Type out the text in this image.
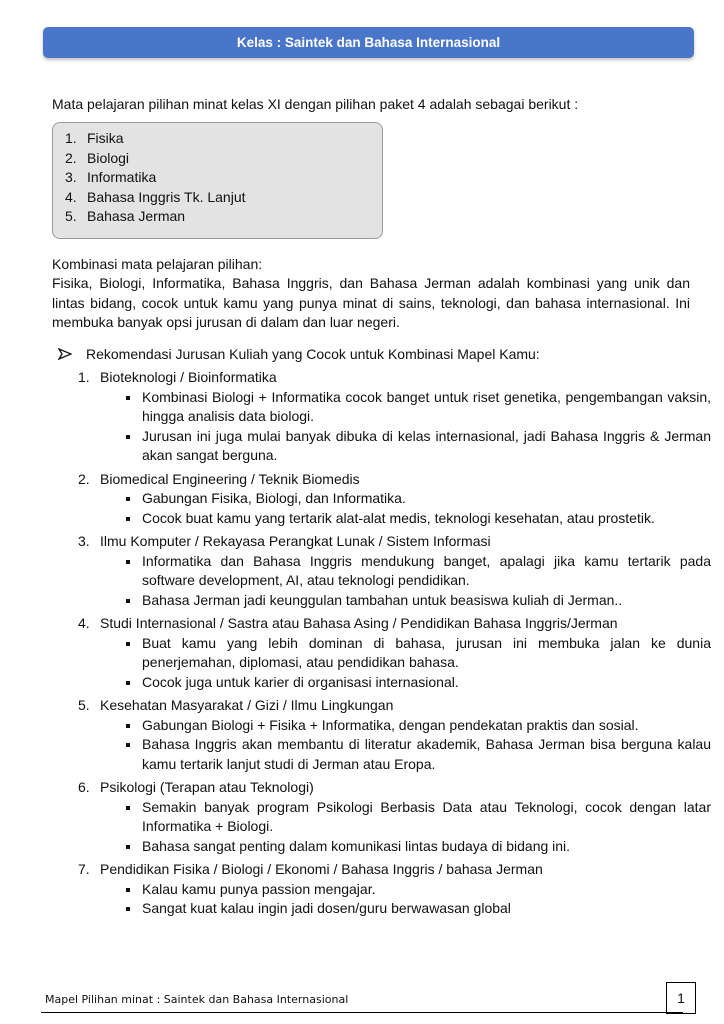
Kelas : Saintek dan Bahasa Internasional
Mata pelajaran pilihan minat kelas XI dengan pilihan paket 4 adalah sebagai berikut :
1. Fisika
2. Biologi
3. Informatika
4. Bahasa Inggris Tk. Lanjut
5. Bahasa Jerman
Kombinasi mata pelajaran pilihan:
Fisika, Biologi, Informatika, Bahasa Inggris, dan Bahasa Jerman adalah kombinasi yang unik dan lintas bidang, cocok untuk kamu yang punya minat di sains, teknologi, dan bahasa internasional. Ini membuka banyak opsi jurusan di dalam dan luar negeri.
Rekomendasi Jurusan Kuliah yang Cocok untuk Kombinasi Mapel Kamu:
1. Bioteknologi / Bioinformatika
Kombinasi Biologi + Informatika cocok banget untuk riset genetika, pengembangan vaksin, hingga analisis data biologi.
Jurusan ini juga mulai banyak dibuka di kelas internasional, jadi Bahasa Inggris & Jerman akan sangat berguna.
2. Biomedical Engineering / Teknik Biomedis
Gabungan Fisika, Biologi, dan Informatika.
Cocok buat kamu yang tertarik alat-alat medis, teknologi kesehatan, atau prostetik.
3. Ilmu Komputer / Rekayasa Perangkat Lunak / Sistem Informasi
Informatika dan Bahasa Inggris mendukung banget, apalagi jika kamu tertarik pada software development, AI, atau teknologi pendidikan.
Bahasa Jerman jadi keunggulan tambahan untuk beasiswa kuliah di Jerman..
4. Studi Internasional / Sastra atau Bahasa Asing / Pendidikan Bahasa Inggris/Jerman
Buat kamu yang lebih dominan di bahasa, jurusan ini membuka jalan ke dunia penerjemahan, diplomasi, atau pendidikan bahasa.
Cocok juga untuk karier di organisasi internasional.
5. Kesehatan Masyarakat / Gizi / Ilmu Lingkungan
Gabungan Biologi + Fisika + Informatika, dengan pendekatan praktis dan sosial.
Bahasa Inggris akan membantu di literatur akademik, Bahasa Jerman bisa berguna kalau kamu tertarik lanjut studi di Jerman atau Eropa.
6. Psikologi (Terapan atau Teknologi)
Semakin banyak program Psikologi Berbasis Data atau Teknologi, cocok dengan latar Informatika + Biologi.
Bahasa sangat penting dalam komunikasi lintas budaya di bidang ini.
7. Pendidikan Fisika / Biologi / Ekonomi / Bahasa Inggris / bahasa Jerman
Kalau kamu punya passion mengajar.
Sangat kuat kalau ingin jadi dosen/guru berwawasan global
Mapel Pilihan minat : Saintek dan Bahasa Internasional	1
